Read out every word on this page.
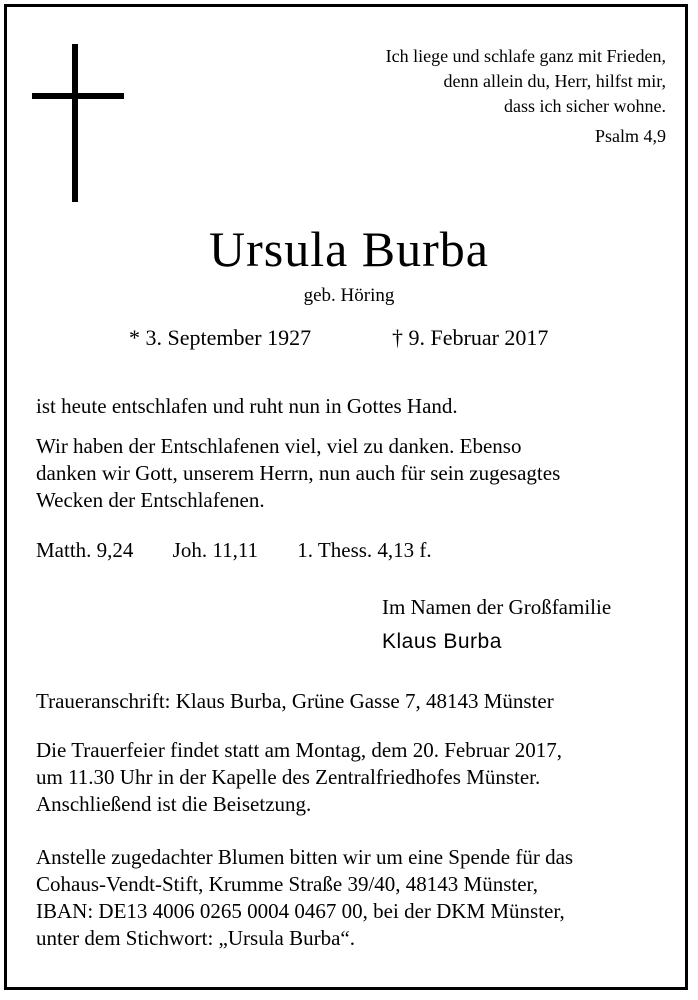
Ich liege und schlafe ganz mit Frieden,
denn allein du, Herr, hilfst mir,
dass ich sicher wohne.
Psalm 4,9
Ursula Burba
geb. Höring
* 3. September 1927	† 9. Februar 2017
ist heute entschlafen und ruht nun in Gottes Hand.
Wir haben der Entschlafenen viel, viel zu danken. Ebenso
danken wir Gott, unserem Herrn, nun auch für sein zugesagtes
Wecken der Entschlafenen.
Matth. 9,24 Joh. 11,11 1. Thess. 4,13 f.
Im Namen der Großfamilie
Klaus Burba
Traueranschrift: Klaus Burba, Grüne Gasse 7, 48143 Münster
Die Trauerfeier findet statt am Montag, dem 20. Februar 2017,
um 11.30 Uhr in der Kapelle des Zentralfriedhofes Münster.
Anschließend ist die Beisetzung.
Anstelle zugedachter Blumen bitten wir um eine Spende für das
Cohaus-Vendt-Stift, Krumme Straße 39/40, 48143 Münster,
IBAN: DE13 4006 0265 0004 0467 00, bei der DKM Münster,
unter dem Stichwort: „Ursula Burba“.
